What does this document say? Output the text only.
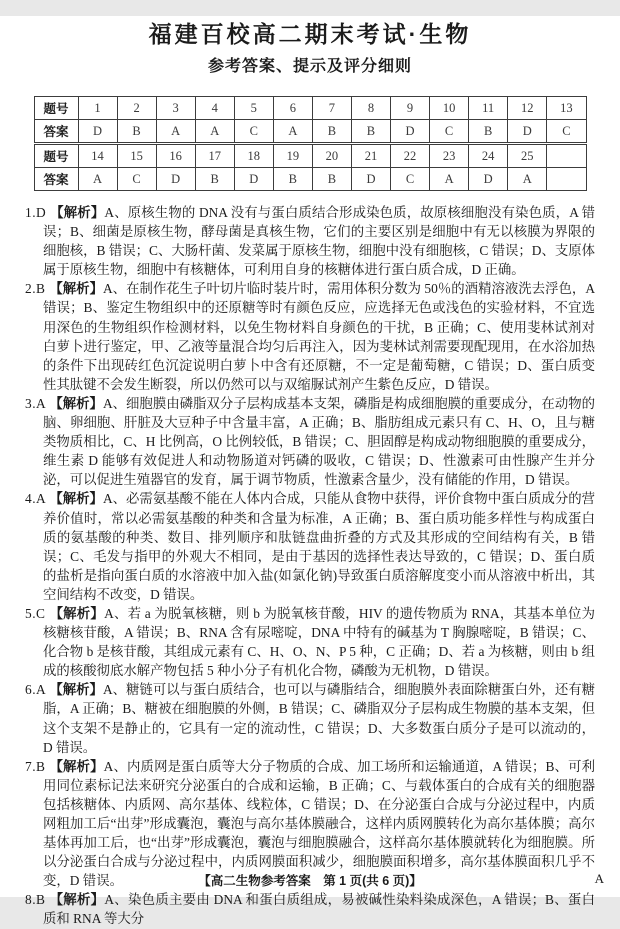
福建百校高二期末考试·生物
参考答案、提示及评分细则
题号	1	2	3	4	5	6	7	8	9	10	11	12	13
答案	D	B	A	A	C	A	B	B	D	C	B	D	C
题号	14	15	16	17	18	19	20	21	22	23	24	25	
答案	A	C	D	B	D	B	B	D	C	A	D	A	

1.D 【解析】A、原核生物的 DNA 没有与蛋白质结合形成染色质，故原核细胞没有染色质，A 错误；B、细菌是原核生物，酵母菌是真核生物，它们的主要区别是细胞中有无以核膜为界限的细胞核，B 错误；C、大肠杆菌、发菜属于原核生物，细胞中没有细胞核，C 错误；D、支原体属于原核生物，细胞中有核糖体，可利用自身的核糖体进行蛋白质合成，D 正确。

2.B 【解析】A、在制作花生子叶切片临时装片时，需用体积分数为 50％的酒精溶液洗去浮色，A 错误；B、鉴定生物组织中的还原糖等时有颜色反应，应选择无色或浅色的实验材料，不宜选用深色的生物组织作检测材料，以免生物材料自身颜色的干扰，B 正确；C、使用斐林试剂对白萝卜进行鉴定，甲、乙液等量混合均匀后再注入，因为斐林试剂需要现配现用，在水浴加热的条件下出现砖红色沉淀说明白萝卜中含有还原糖，不一定是葡萄糖，C 错误；D、蛋白质变性其肽键不会发生断裂，所以仍然可以与双缩脲试剂产生紫色反应，D 错误。

3.A 【解析】A、细胞膜由磷脂双分子层构成基本支架，磷脂是构成细胞膜的重要成分，在动物的脑、卵细胞、肝脏及大豆种子中含量丰富，A 正确；B、脂肪组成元素只有 C、H、O，且与糖类物质相比，C、H 比例高，O 比例较低，B 错误；C、胆固醇是构成动物细胞膜的重要成分，维生素 D 能够有效促进人和动物肠道对钙磷的吸收，C 错误；D、性激素可由性腺产生并分泌，可以促进生殖器官的发育，属于调节物质，性激素含量少，没有储能的作用，D 错误。

4.A 【解析】A、必需氨基酸不能在人体内合成，只能从食物中获得，评价食物中蛋白质成分的营养价值时，常以必需氨基酸的种类和含量为标准，A 正确；B、蛋白质功能多样性与构成蛋白质的氨基酸的种类、数目、排列顺序和肽链盘曲折叠的方式及其形成的空间结构有关，B 错误；C、毛发与指甲的外观大不相同，是由于基因的选择性表达导致的，C 错误；D、蛋白质的盐析是指向蛋白质的水溶液中加入盐(如氯化钠)导致蛋白质溶解度变小而从溶液中析出，其空间结构不改变，D 错误。

5.C 【解析】A、若 a 为脱氧核糖，则 b 为脱氧核苷酸，HIV 的遗传物质为 RNA，其基本单位为核糖核苷酸，A 错误；B、RNA 含有尿嘧啶，DNA 中特有的碱基为 T 胸腺嘧啶，B 错误；C、化合物 b 是核苷酸，其组成元素有 C、H、O、N、P 5 种，C 正确；D、若 a 为核糖，则由 b 组成的核酸彻底水解产物包括 5 种小分子有机化合物，磷酸为无机物，D 错误。

6.A 【解析】A、糖链可以与蛋白质结合，也可以与磷脂结合，细胞膜外表面除糖蛋白外，还有糖脂，A 正确；B、糖被在细胞膜的外侧，B 错误；C、磷脂双分子层构成生物膜的基本支架，但这个支架不是静止的，它具有一定的流动性，C 错误；D、大多数蛋白质分子是可以流动的，D 错误。

7.B 【解析】A、内质网是蛋白质等大分子物质的合成、加工场所和运输通道，A 错误；B、可利用同位素标记法来研究分泌蛋白的合成和运输，B 正确；C、与载体蛋白的合成有关的细胞器包括核糖体、内质网、高尔基体、线粒体，C 错误；D、在分泌蛋白合成与分泌过程中，内质网粗加工后“出芽”形成囊泡，囊泡与高尔基体膜融合，这样内质网膜转化为高尔基体膜；高尔基体再加工后，也“出芽”形成囊泡，囊泡与细胞膜融合，这样高尔基体膜就转化为细胞膜。所以分泌蛋白合成与分泌过程中，内质网膜面积减少，细胞膜面积增多，高尔基体膜面积几乎不变，D 错误。

8.B 【解析】A、染色质主要由 DNA 和蛋白质组成，易被碱性染料染成深色，A 错误；B、蛋白质和 RNA 等大分

【高二生物参考答案　第 1 页(共 6 页)】	A
